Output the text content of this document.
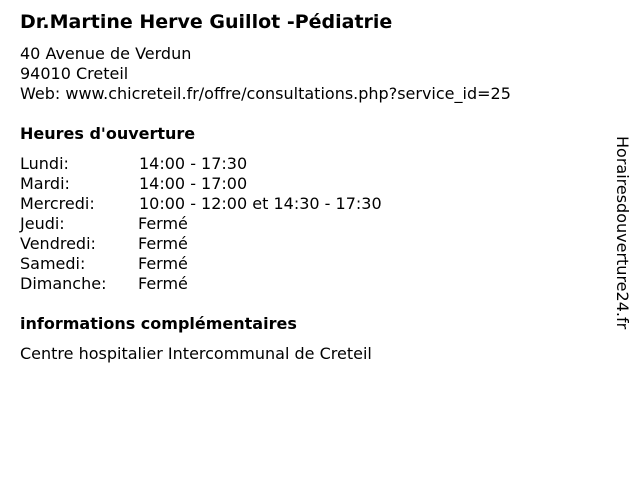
Dr.Martine Herve Guillot -Pédiatrie
40 Avenue de Verdun
94010 Creteil
Web: www.chicreteil.fr/offre/consultations.php?service_id=25
Heures d'ouverture
Lundi:	14:00 - 17:30
Mardi:	14:00 - 17:00
Mercredi:	10:00 - 12:00 et 14:30 - 17:30
Jeudi:	Fermé
Vendredi:	Fermé
Samedi:	Fermé
Dimanche: Fermé
informations complémentaires
Centre hospitalier Intercommunal de Creteil
Horairesdouverture24.fr
